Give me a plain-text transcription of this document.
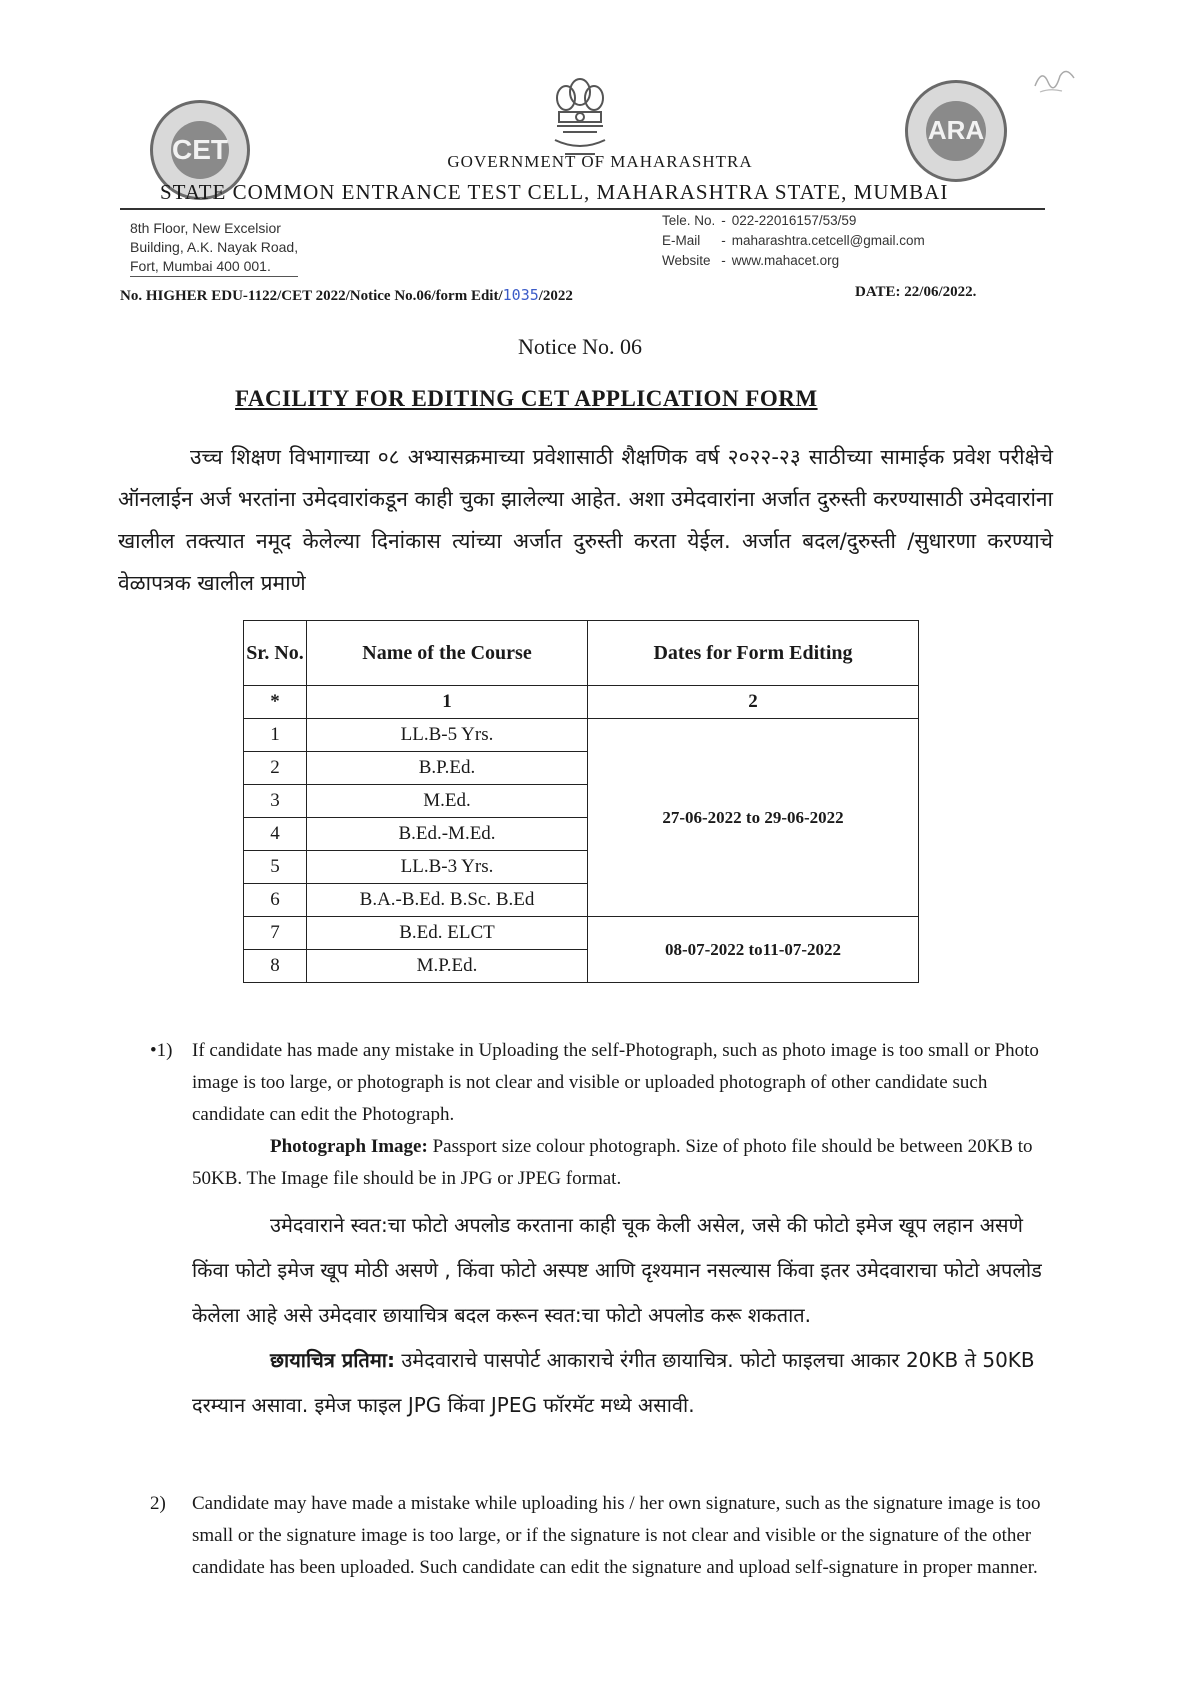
CET
ARA
GOVERNMENT OF MAHARASHTRA
STATE COMMON ENTRANCE TEST CELL, MAHARASHTRA STATE, MUMBAI
8th Floor, New Excelsior
Building, A.K. Nayak Road,
Fort, Mumbai 400 001.
Tele. No.	-	022-22016157/53/59
E-Mail	-	maharashtra.cetcell@gmail.com
Website	-	www.mahacet.org
No. HIGHER EDU-1122/CET 2022/Notice No.06/form Edit/1035/2022	DATE: 22/06/2022.
Notice No. 06
FACILITY FOR EDITING CET APPLICATION FORM
उच्च शिक्षण विभागाच्या ०८ अभ्यासक्रमाच्या प्रवेशासाठी शैक्षणिक वर्ष २०२२-२३ साठीच्या सामाईक प्रवेश परीक्षेचे ऑनलाईन अर्ज भरतांना उमेदवारांकडून काही चुका झालेल्या आहेत. अशा उमेदवारांना अर्जात दुरुस्ती करण्यासाठी उमेदवारांना खालील तक्त्यात नमूद केलेल्या दिनांकास त्यांच्या अर्जात दुरुस्ती करता येईल. अर्जात बदल/दुरुस्ती /सुधारणा करण्याचे वेळापत्रक खालील प्रमाणे
Sr. No.	Name of the Course	Dates for Form Editing
*	1	2
1	LL.B-5 Yrs.	27-06-2022 to 29-06-2022
2	B.P.Ed.	
3	M.Ed.	
4	B.Ed.-M.Ed.	
5	LL.B-3 Yrs.	
6	B.A.-B.Ed. B.Sc. B.Ed	
7	B.Ed. ELCT	08-07-2022 to11-07-2022
8	M.P.Ed.	
•1) If candidate has made any mistake in Uploading the self-Photograph, such as photo image is too small or Photo image is too large, or photograph is not clear and visible or uploaded photograph of other candidate such candidate can edit the Photograph.
Photograph Image: Passport size colour photograph. Size of photo file should be between 20KB to 50KB. The Image file should be in JPG or JPEG format.
उमेदवाराने स्वत:चा फोटो अपलोड करताना काही चूक केली असेल, जसे की फोटो इमेज खूप लहान असणे किंवा फोटो इमेज खूप मोठी असणे , किंवा फोटो अस्पष्ट आणि दृश्यमान नसल्यास किंवा इतर उमेदवाराचा फोटो अपलोड केलेला आहे असे उमेदवार छायाचित्र बदल करून स्वत:चा फोटो अपलोड करू शकतात.
छायाचित्र प्रतिमा: उमेदवाराचे पासपोर्ट आकाराचे रंगीत छायाचित्र. फोटो फाइलचा आकार 20KB ते 50KB दरम्यान असावा. इमेज फाइल JPG किंवा JPEG फॉरमॅट मध्ये असावी.
2) Candidate may have made a mistake while uploading his / her own signature, such as the signature image is too small or the signature image is too large, or if the signature is not clear and visible or the signature of the other candidate has been uploaded. Such candidate can edit the signature and upload self-signature in proper manner.
